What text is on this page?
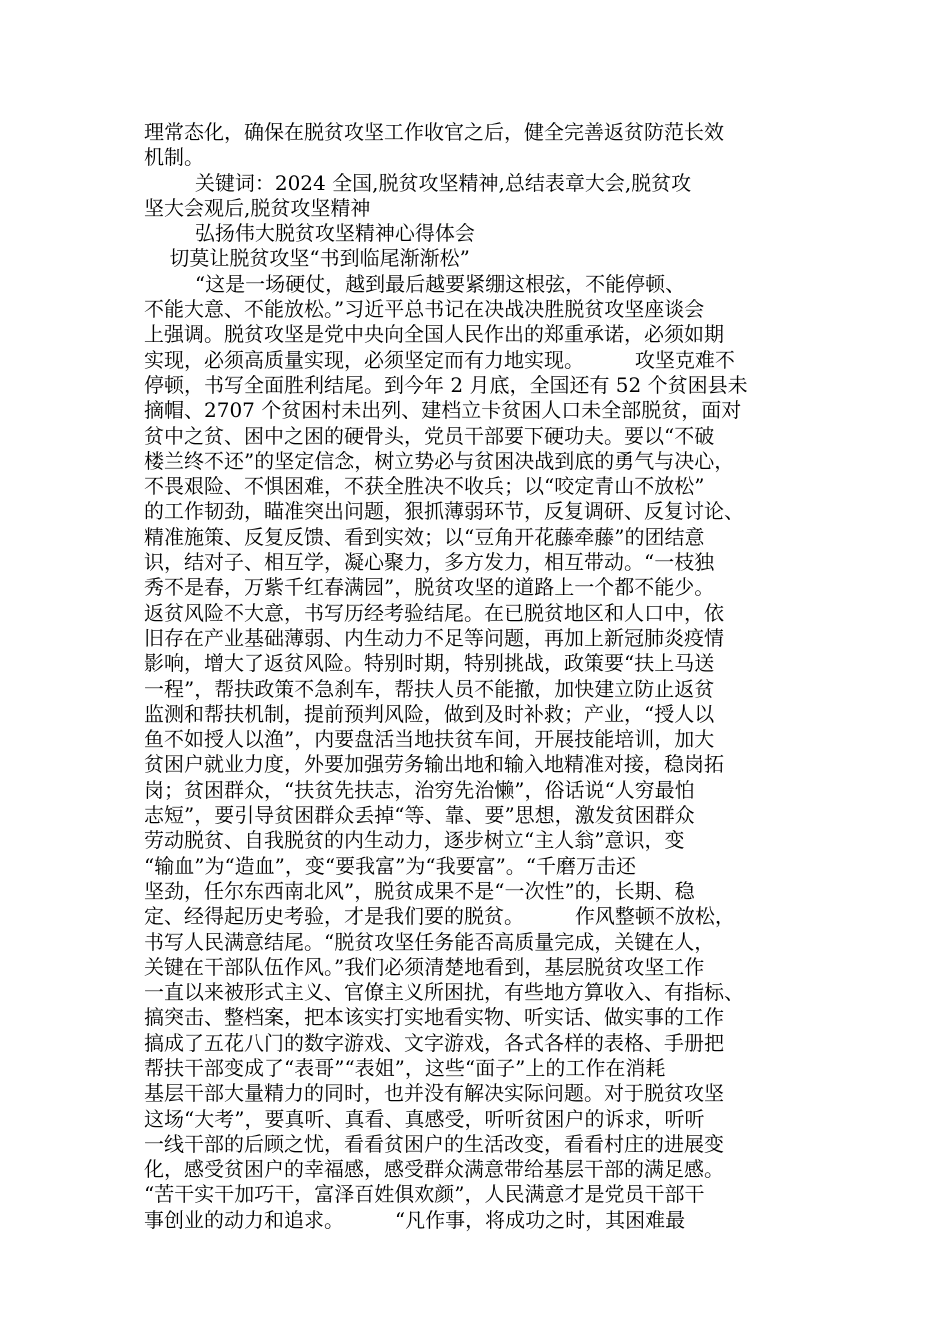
理常态化，确保在脱贫攻坚工作收官之后，健全完善返贫防范长效
机制。
关键词：2024 全国,脱贫攻坚精神,总结表章大会,脱贫攻
坚大会观后,脱贫攻坚精神
弘扬伟大脱贫攻坚精神心得体会
切莫让脱贫攻坚“书到临尾渐渐松”
“这是一场硬仗，越到最后越要紧绷这根弦，不能停顿、
不能大意、不能放松。”习近平总书记在决战决胜脱贫攻坚座谈会
上强调。脱贫攻坚是党中央向全国人民作出的郑重承诺，必须如期
实现，必须高质量实现，必须坚定而有力地实现。        攻坚克难不
停顿，书写全面胜利结尾。到今年 2 月底，全国还有 52 个贫困县未
摘帽、2707 个贫困村未出列、建档立卡贫困人口未全部脱贫，面对
贫中之贫、困中之困的硬骨头，党员干部要下硬功夫。要以“不破
楼兰终不还”的坚定信念，树立势必与贫困决战到底的勇气与决心，
不畏艰险、不惧困难，不获全胜决不收兵；以“咬定青山不放松”
的工作韧劲，瞄准突出问题，狠抓薄弱环节，反复调研、反复讨论、
精准施策、反复反馈、看到实效；以“豆角开花藤牵藤”的团结意
识，结对子、相互学，凝心聚力，多方发力，相互带动。“一枝独
秀不是春，万紫千红春满园”，脱贫攻坚的道路上一个都不能少。
返贫风险不大意，书写历经考验结尾。在已脱贫地区和人口中，依
旧存在产业基础薄弱、内生动力不足等问题，再加上新冠肺炎疫情
影响，增大了返贫风险。特别时期，特别挑战，政策要“扶上马送
一程”，帮扶政策不急刹车，帮扶人员不能撤，加快建立防止返贫
监测和帮扶机制，提前预判风险，做到及时补救；产业，“授人以
鱼不如授人以渔”，内要盘活当地扶贫车间，开展技能培训，加大
贫困户就业力度，外要加强劳务输出地和输入地精准对接，稳岗拓
岗；贫困群众，“扶贫先扶志，治穷先治懒”，俗话说“人穷最怕
志短”，要引导贫困群众丢掉“等、靠、要”思想，激发贫困群众
劳动脱贫、自我脱贫的内生动力，逐步树立“主人翁”意识，变
“输血”为“造血”，变“要我富”为“我要富”。“千磨万击还
坚劲，任尔东西南北风”，脱贫成果不是“一次性”的，长期、稳
定、经得起历史考验，才是我们要的脱贫。        作风整顿不放松，
书写人民满意结尾。“脱贫攻坚任务能否高质量完成，关键在人，
关键在干部队伍作风。”我们必须清楚地看到，基层脱贫攻坚工作
一直以来被形式主义、官僚主义所困扰，有些地方算收入、有指标、
搞突击、整档案，把本该实打实地看实物、听实话、做实事的工作
搞成了五花八门的数字游戏、文字游戏，各式各样的表格、手册把
帮扶干部变成了“表哥”“表姐”，这些“面子”上的工作在消耗
基层干部大量精力的同时，也并没有解决实际问题。对于脱贫攻坚
这场“大考”，要真听、真看、真感受，听听贫困户的诉求，听听
一线干部的后顾之忧，看看贫困户的生活改变，看看村庄的进展变
化，感受贫困户的幸福感，感受群众满意带给基层干部的满足感。
“苦干实干加巧干，富泽百姓俱欢颜”，人民满意才是党员干部干
事创业的动力和追求。        “凡作事，将成功之时，其困难最
